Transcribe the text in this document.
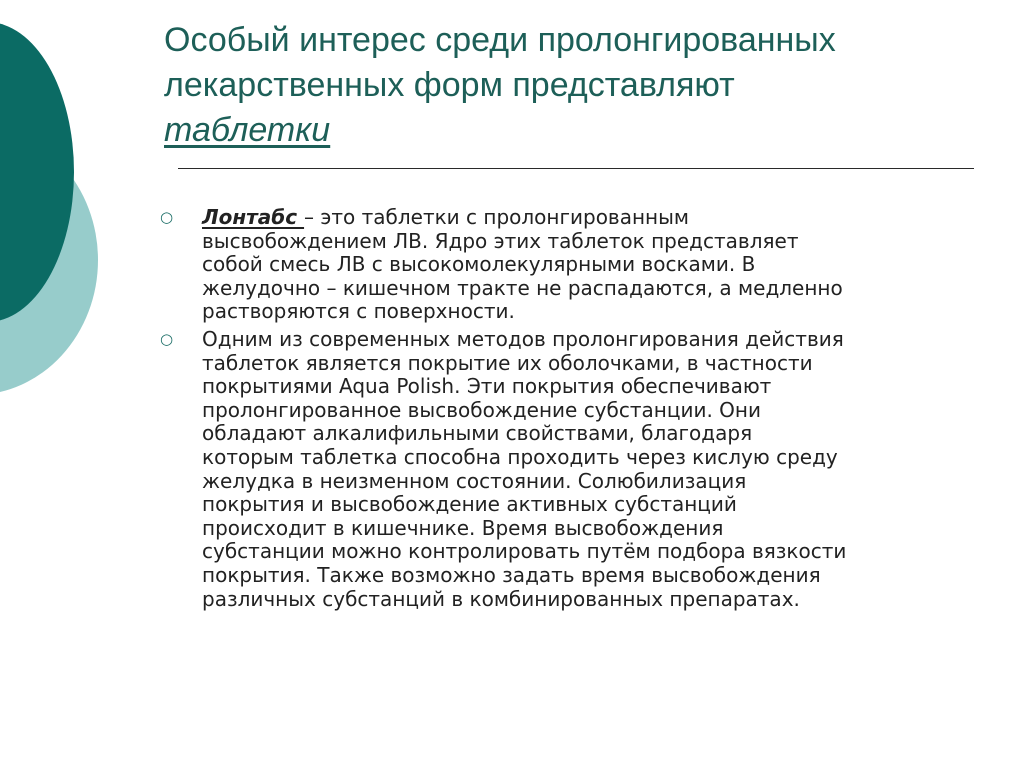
Особый интерес среди пролонгированных
лекарственных форм представляют
таблетки
○ Лонтабс – это таблетки с пролонгированным
высвобождением ЛВ. Ядро этих таблеток представляет
собой смесь ЛВ с высокомолекулярными восками. В
желудочно – кишечном тракте не распадаются, а медленно
растворяются с поверхности.
○ Одним из современных методов пролонгирования действия
таблеток является покрытие их оболочками, в частности
покрытиями Aqua Polish. Эти покрытия обеспечивают
пролонгированное высвобождение субстанции. Они
обладают алкалифильными свойствами, благодаря
которым таблетка способна проходить через кислую среду
желудка в неизменном состоянии. Солюбилизация
покрытия и высвобождение активных субстанций
происходит в кишечнике. Время высвобождения
субстанции можно контролировать путём подбора вязкости
покрытия. Также возможно задать время высвобождения
различных субстанций в комбинированных препаратах.
